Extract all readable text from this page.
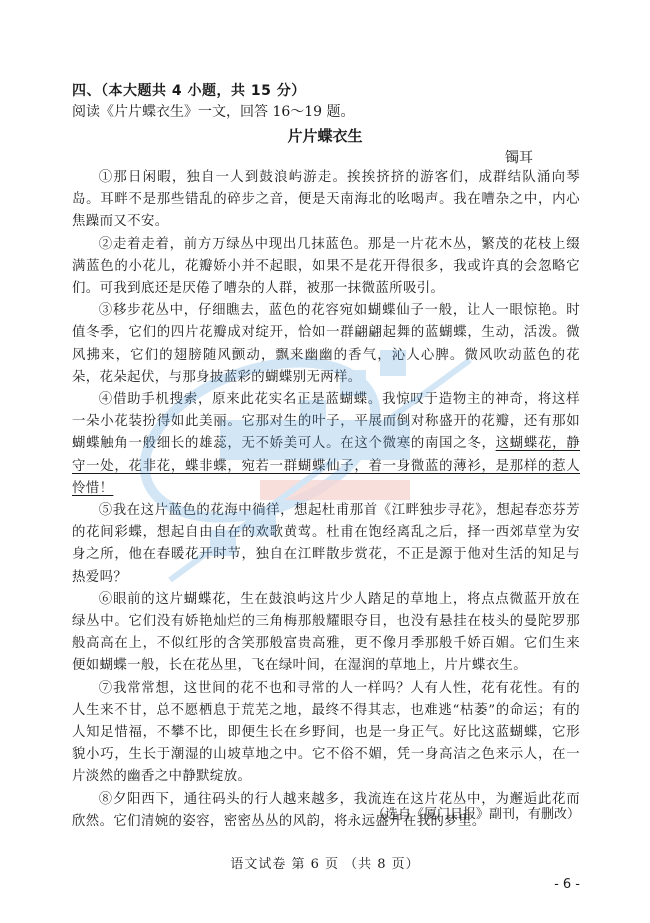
四、（本大题共 4 小题，共 15 分）
阅读《片片蝶衣生》一文，回答 16～19 题。
片片蝶衣生
镯耳

①那日闲暇，独自一人到鼓浪屿游走。挨挨挤挤的游客们，成群结队涌向琴岛。耳畔不是那些错乱的碎步之音，便是天南海北的吆喝声。我在嘈杂之中，内心焦躁而又不安。

②走着走着，前方万绿丛中现出几抹蓝色。那是一片花木丛，繁茂的花枝上缀满蓝色的小花儿，花瓣娇小并不起眼，如果不是花开得很多，我或许真的会忽略它们。可我到底还是厌倦了嘈杂的人群，被那一抹微蓝所吸引。

③移步花丛中，仔细瞧去，蓝色的花容宛如蝴蝶仙子一般，让人一眼惊艳。时值冬季，它们的四片花瓣成对绽开，恰如一群翩翩起舞的蓝蝴蝶，生动，活泼。微风拂来，它们的翅膀随风颤动，飘来幽幽的香气，沁人心脾。微风吹动蓝色的花朵，花朵起伏，与那身披蓝彩的蝴蝶别无两样。

④借助手机搜索，原来此花实名正是蓝蝴蝶。我惊叹于造物主的神奇，将这样一朵小花装扮得如此美丽。它那对生的叶子，平展而倒对称盛开的花瓣，还有那如蝴蝶触角一般细长的雄蕊，无不娇美可人。在这个微寒的南国之冬，这蝴蝶花，静守一处，花非花，蝶非蝶，宛若一群蝴蝶仙子，着一身微蓝的薄衫，是那样的惹人怜惜！

⑤我在这片蓝色的花海中徜徉，想起杜甫那首《江畔独步寻花》，想起春恋芬芳的花间彩蝶，想起自由自在的欢歌黄莺。杜甫在饱经离乱之后，择一西郊草堂为安身之所，他在春暖花开时节，独自在江畔散步赏花，不正是源于他对生活的知足与热爱吗？

⑥眼前的这片蝴蝶花，生在鼓浪屿这片少人踏足的草地上，将点点微蓝开放在绿丛中。它们没有娇艳灿烂的三角梅那般耀眼夺目，也没有悬挂在枝头的曼陀罗那般高高在上，不似红彤的含笑那般富贵高雅，更不像月季那般千娇百媚。它们生来便如蝴蝶一般，长在花丛里，飞在绿叶间，在湿润的草地上，片片蝶衣生。

⑦我常常想，这世间的花不也和寻常的人一样吗？人有人性，花有花性。有的人生来不甘，总不愿栖息于荒芜之地，最终不得其志，也难逃“枯萎”的命运；有的人知足惜福，不攀不比，即便生长在乡野间，也是一身正气。好比这蓝蝴蝶，它形貌小巧，生长于潮湿的山坡草地之中。它不俗不媚，凭一身高洁之色来示人，在一片淡然的幽香之中静默绽放。

⑧夕阳西下，通往码头的行人越来越多，我流连在这片花丛中，为邂逅此花而欣然。它们清婉的姿容，密密丛丛的风韵，将永远盛开在我的梦里。

（选自《厦门日报》副刊，有删改）
语文试卷 第 6 页 （共 8 页）
- 6 -
